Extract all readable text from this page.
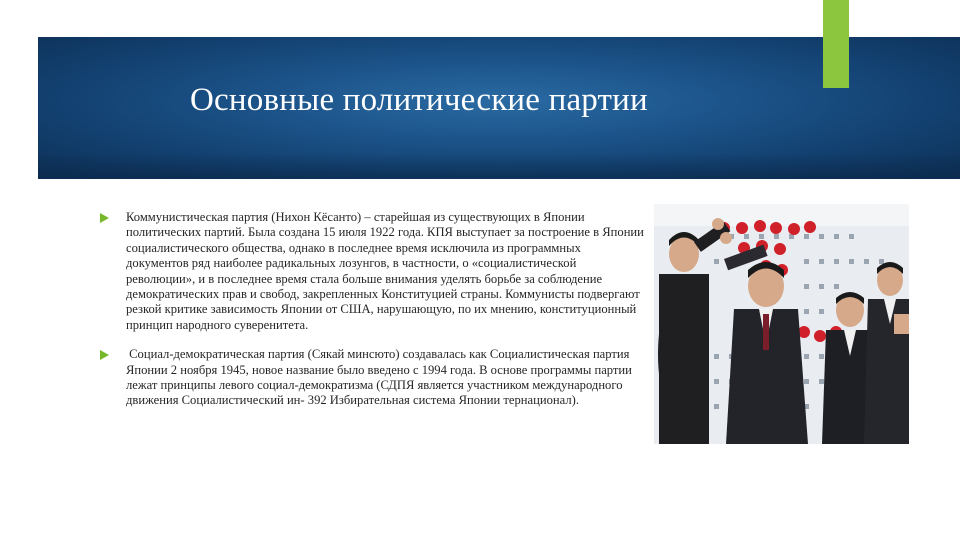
Основные политические партии
Коммунистическая партия (Нихон Кёсанто) – старейшая из существующих в Японии политических партий. Была создана 15 июля 1922 года. КПЯ выступает за построение в Японии социалистического общества, однако в последнее время исключила из программных документов ряд наиболее радикальных лозунгов, в частности, о «социалистической революции», и в последнее время стала больше внимания уделять борьбе за соблюдение демократических прав и свобод, закрепленных Конституцией страны. Коммунисты подвергают резкой критике зависимость Японии от США, нарушающую, по их мнению, конституционный принцип народного суверенитета.
Социал-демократическая партия (Сякай минсюто) создавалась как Социалистическая партия Японии 2 ноября 1945, новое название было введено с 1994 года. В основе программы партии лежат принципы левого социал-демократизма (СДПЯ является участником международного движения Социалистический ин- 392 Избирательная система Японии тернационал).
